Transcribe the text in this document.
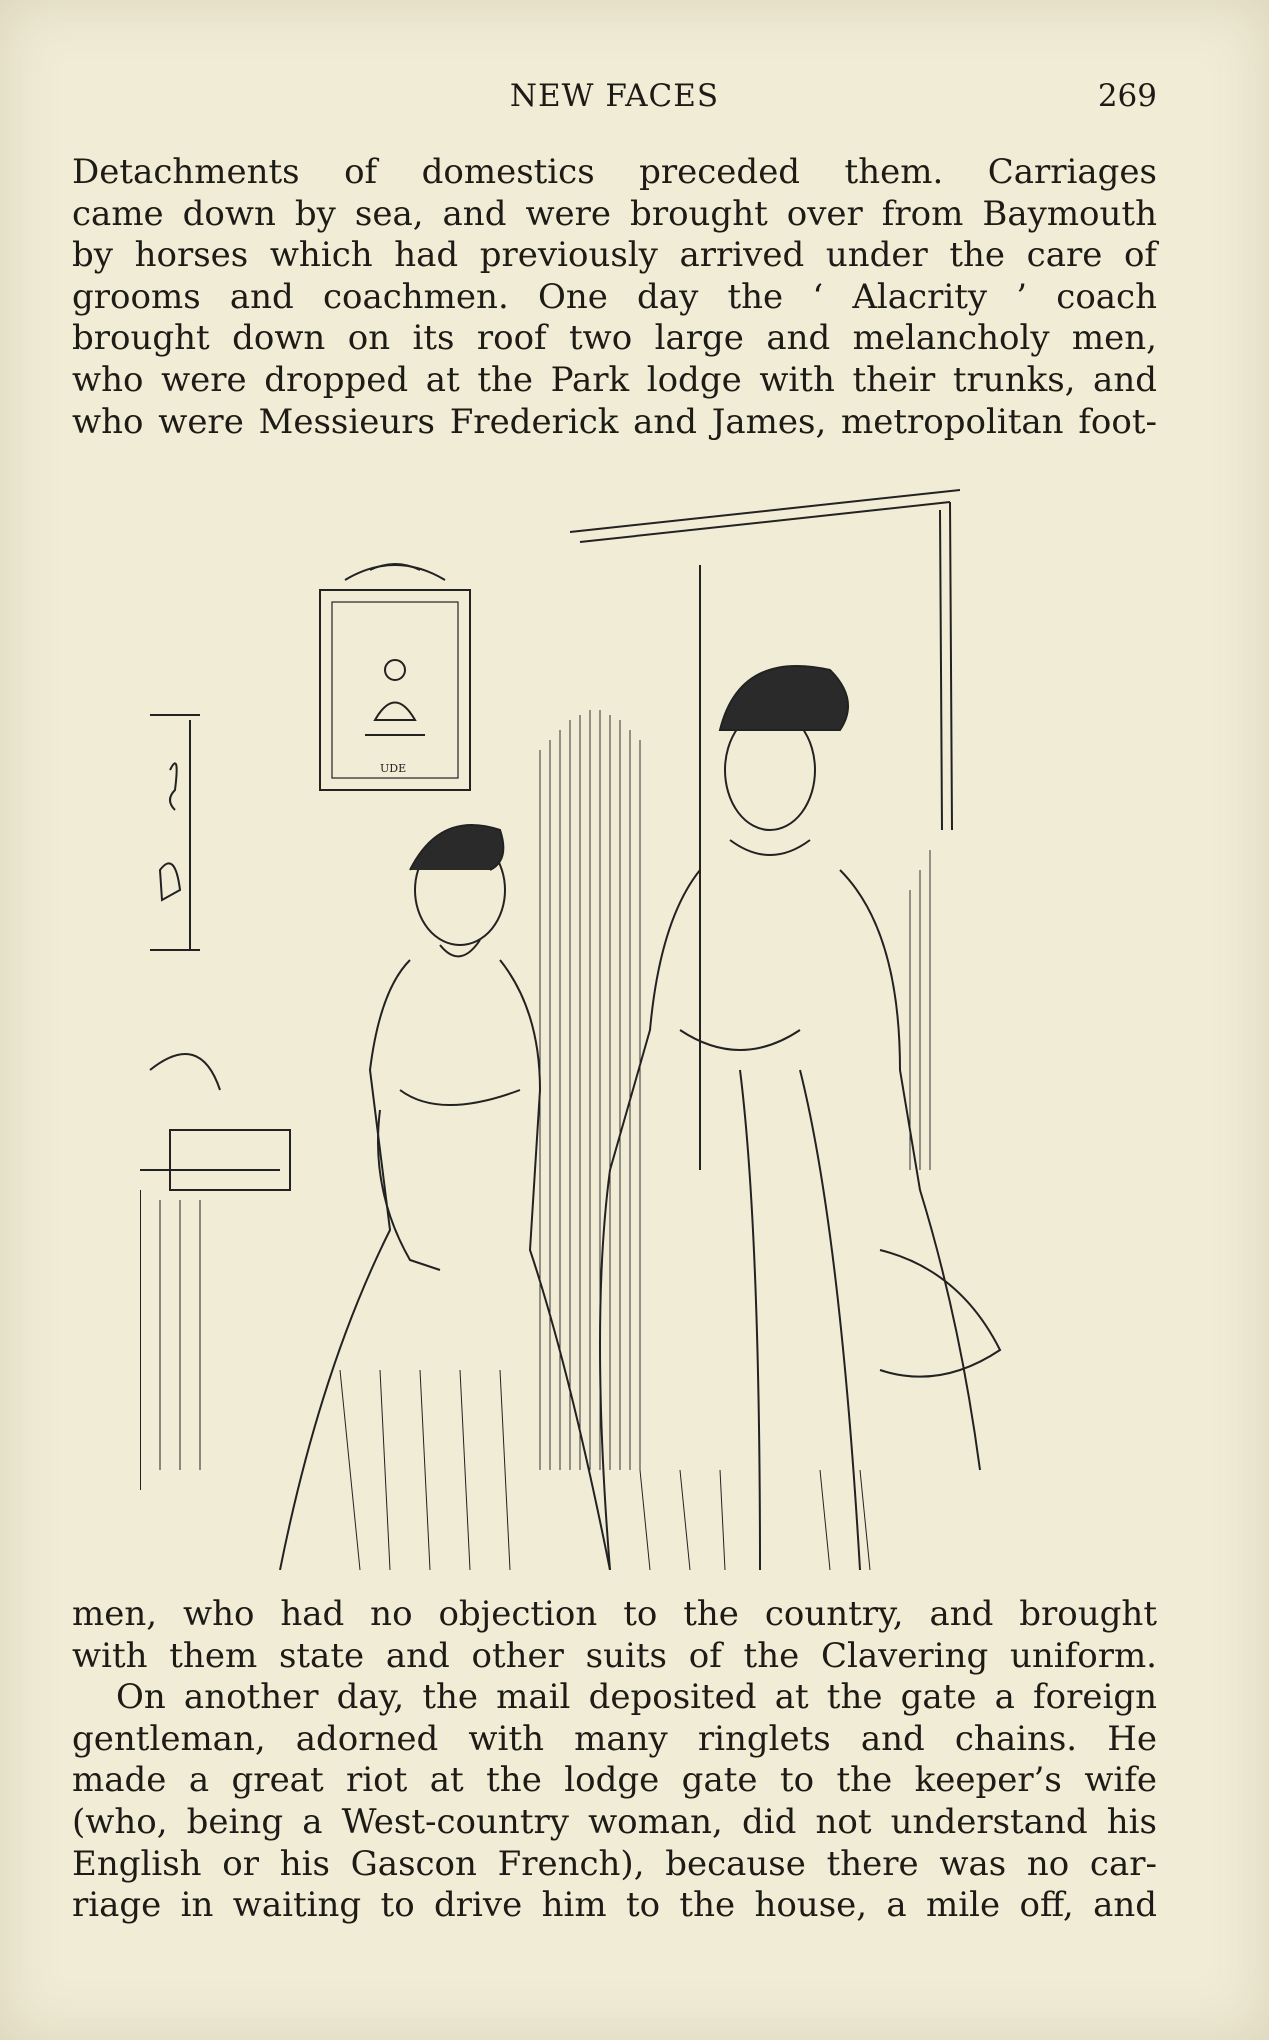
NEW FACES	269
Detachments of domestics preceded them. Carriages
came down by sea, and were brought over from Baymouth
by horses which had previously arrived under the care of
grooms and coachmen. One day the ‘ Alacrity ’ coach
brought down on its roof two large and melancholy men,
who were dropped at the Park lodge with their trunks, and
who were Messieurs Frederick and James, metropolitan foot-
UDE
men, who had no objection to the country, and brought
with them state and other suits of the Clavering uniform.
On another day, the mail deposited at the gate a foreign
gentleman, adorned with many ringlets and chains. He
made a great riot at the lodge gate to the keeper’s wife
(who, being a West-country woman, did not understand his
English or his Gascon French), because there was no car-
riage in waiting to drive him to the house, a mile off, and
